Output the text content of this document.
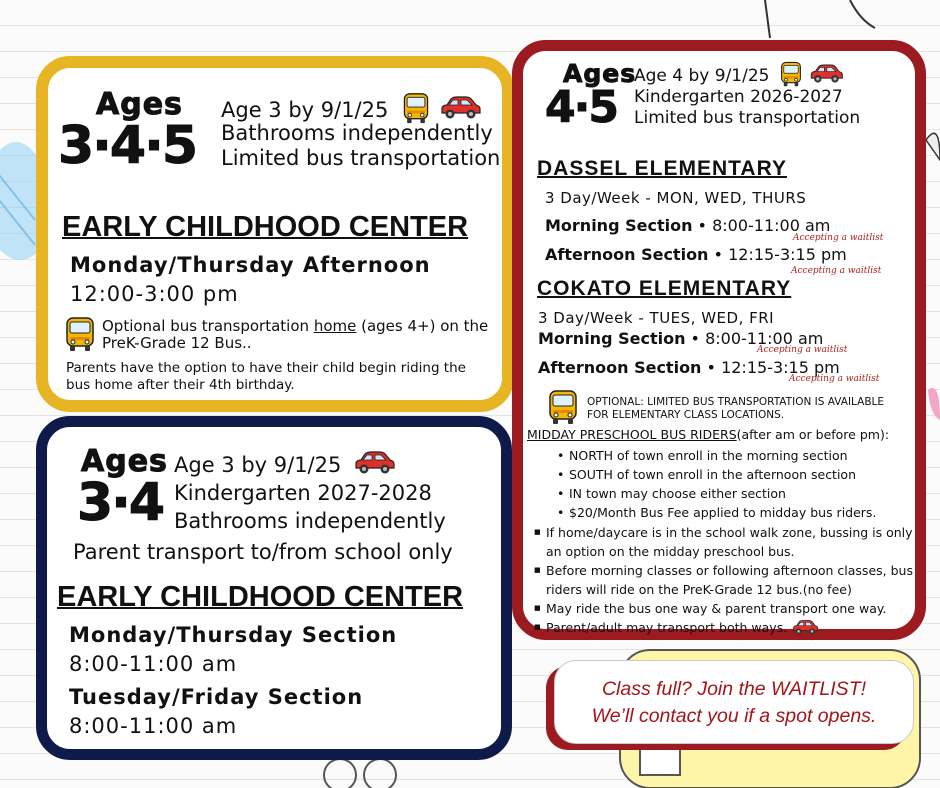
Ages
3·4·5
Age 3 by 9/1/25
Bathrooms independently
Limited bus transportation
EARLY CHILDHOOD CENTER
Monday/Thursday Afternoon
12:00-3:00 pm
Optional bus transportation home (ages 4+) on the PreK-Grade 12 Bus..
Parents have the option to have their child begin riding the bus home after their 4th birthday.
Ages
3·4
Age 3 by 9/1/25
Kindergarten 2027-2028
Bathrooms independently
Parent transport to/from school only
EARLY CHILDHOOD CENTER
Monday/Thursday Section
8:00-11:00 am
Tuesday/Friday Section
8:00-11:00 am
Ages
4·5
Age 4 by 9/1/25
Kindergarten 2026-2027
Limited bus transportation
DASSEL ELEMENTARY
3 Day/Week - MON, WED, THURS
Morning Section • 8:00-11:00 am
Accepting a waitlist
Afternoon Section • 12:15-3:15 pm
Accepting a waitlist
COKATO ELEMENTARY
3 Day/Week - TUES, WED, FRI
Morning Section • 8:00-11:00 am
Accepting a waitlist
Afternoon Section • 12:15-3:15 pm
Accepting a waitlist
OPTIONAL: LIMITED BUS TRANSPORTATION IS AVAILABLE FOR ELEMENTARY CLASS LOCATIONS.
MIDDAY PRESCHOOL BUS RIDERS(after am or before pm):
• NORTH of town enroll in the morning section
• SOUTH of town enroll in the afternoon section
• IN town may choose either section
• $20/Month Bus Fee applied to midday bus riders.
■ If home/daycare is in the school walk zone, bussing is only an option on the midday preschool bus.
■ Before morning classes or following afternoon classes, bus riders will ride on the PreK-Grade 12 bus.(no fee)
■ May ride the bus one way & parent transport one way.
■ Parent/adult may transport both ways.
Class full? Join the WAITLIST!
We’ll contact you if a spot opens.
